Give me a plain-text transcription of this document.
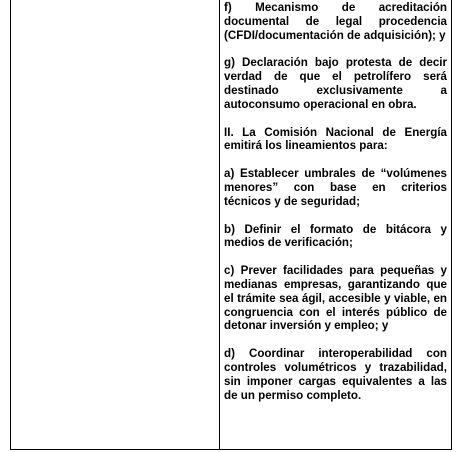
f) Mecanismo de acreditación documental de legal procedencia (CFDI/documentación de adquisición); y

g) Declaración bajo protesta de decir verdad de que el petrolífero será destinado exclusivamente a autoconsumo operacional en obra.

II. La Comisión Nacional de Energía emitirá los lineamientos para:

a) Establecer umbrales de “volúmenes menores” con base en criterios técnicos y de seguridad;

b) Definir el formato de bitácora y medios de verificación;

c) Prever facilidades para pequeñas y medianas empresas, garantizando que el trámite sea ágil, accesible y viable, en congruencia con el interés público de detonar inversión y empleo; y

d) Coordinar interoperabilidad con controles volumétricos y trazabilidad, sin imponer cargas equivalentes a las de un permiso completo.
